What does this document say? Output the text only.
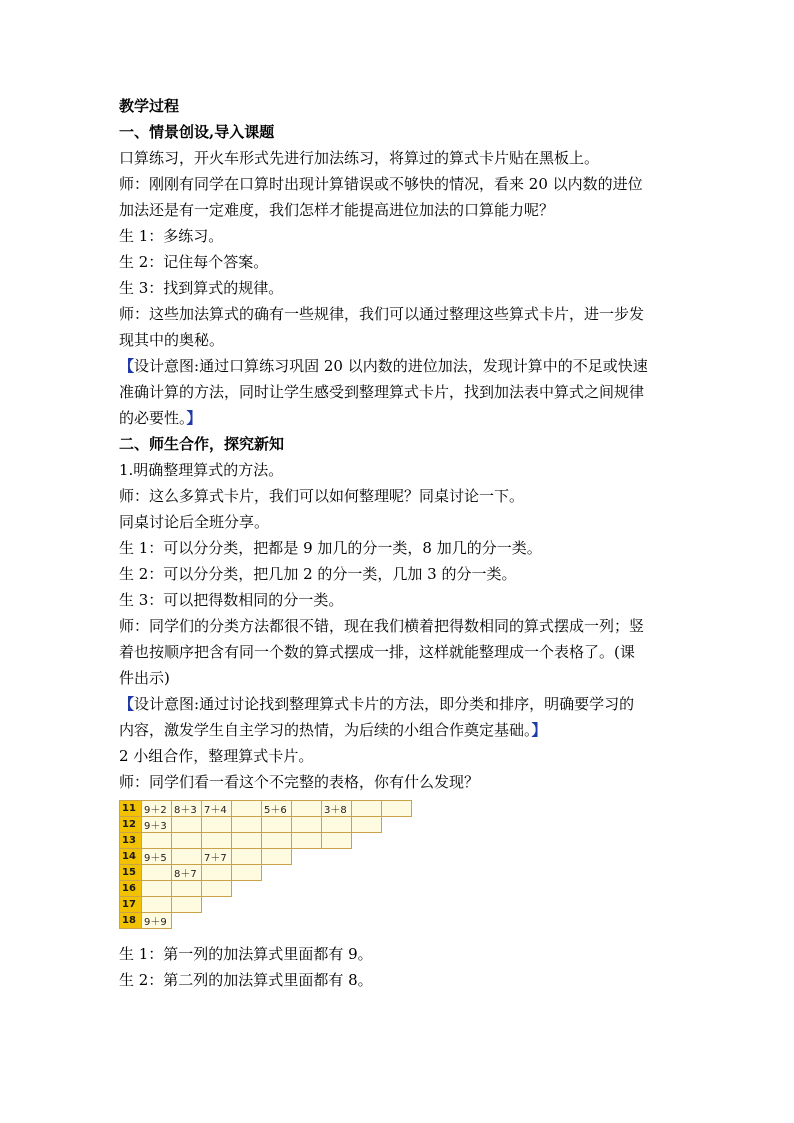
教学过程
一、情景创设,导入课题
口算练习，开火车形式先进行加法练习，将算过的算式卡片贴在黑板上。
师：刚刚有同学在口算时出现计算错误或不够快的情况，看来 20 以内数的进位
加法还是有一定难度，我们怎样才能提高进位加法的口算能力呢？
生 1：多练习。
生 2：记住每个答案。
生 3：找到算式的规律。
师：这些加法算式的确有一些规律，我们可以通过整理这些算式卡片，进一步发
现其中的奥秘。
【设计意图:通过口算练习巩固 20 以内数的进位加法，发现计算中的不足或快速
准确计算的方法，同时让学生感受到整理算式卡片，找到加法表中算式之间规律
的必要性。】
二、师生合作，探究新知
1.明确整理算式的方法。
师：这么多算式卡片，我们可以如何整理呢？同桌讨论一下。
同桌讨论后全班分享。
生 1：可以分分类，把都是 9 加几的分一类，8 加几的分一类。
生 2：可以分分类，把几加 2 的分一类，几加 3 的分一类。
生 3：可以把得数相同的分一类。
师：同学们的分类方法都很不错，现在我们横着把得数相同的算式摆成一列；竖
着也按顺序把含有同一个数的算式摆成一排，这样就能整理成一个表格了。(课
件出示)
【设计意图:通过讨论找到整理算式卡片的方法，即分类和排序，明确要学习的
内容，激发学生自主学习的热情，为后续的小组合作奠定基础。】
2 小组合作，整理算式卡片。
师：同学们看一看这个不完整的表格，你有什么发现？
11	9＋2	8＋3	7＋4		5＋6		3＋8		
12	9＋3								
13									
14	9＋5		7＋7						
15		8＋7							
16									
17									
18	9＋9								
生 1：第一列的加法算式里面都有 9。
生 2：第二列的加法算式里面都有 8。
